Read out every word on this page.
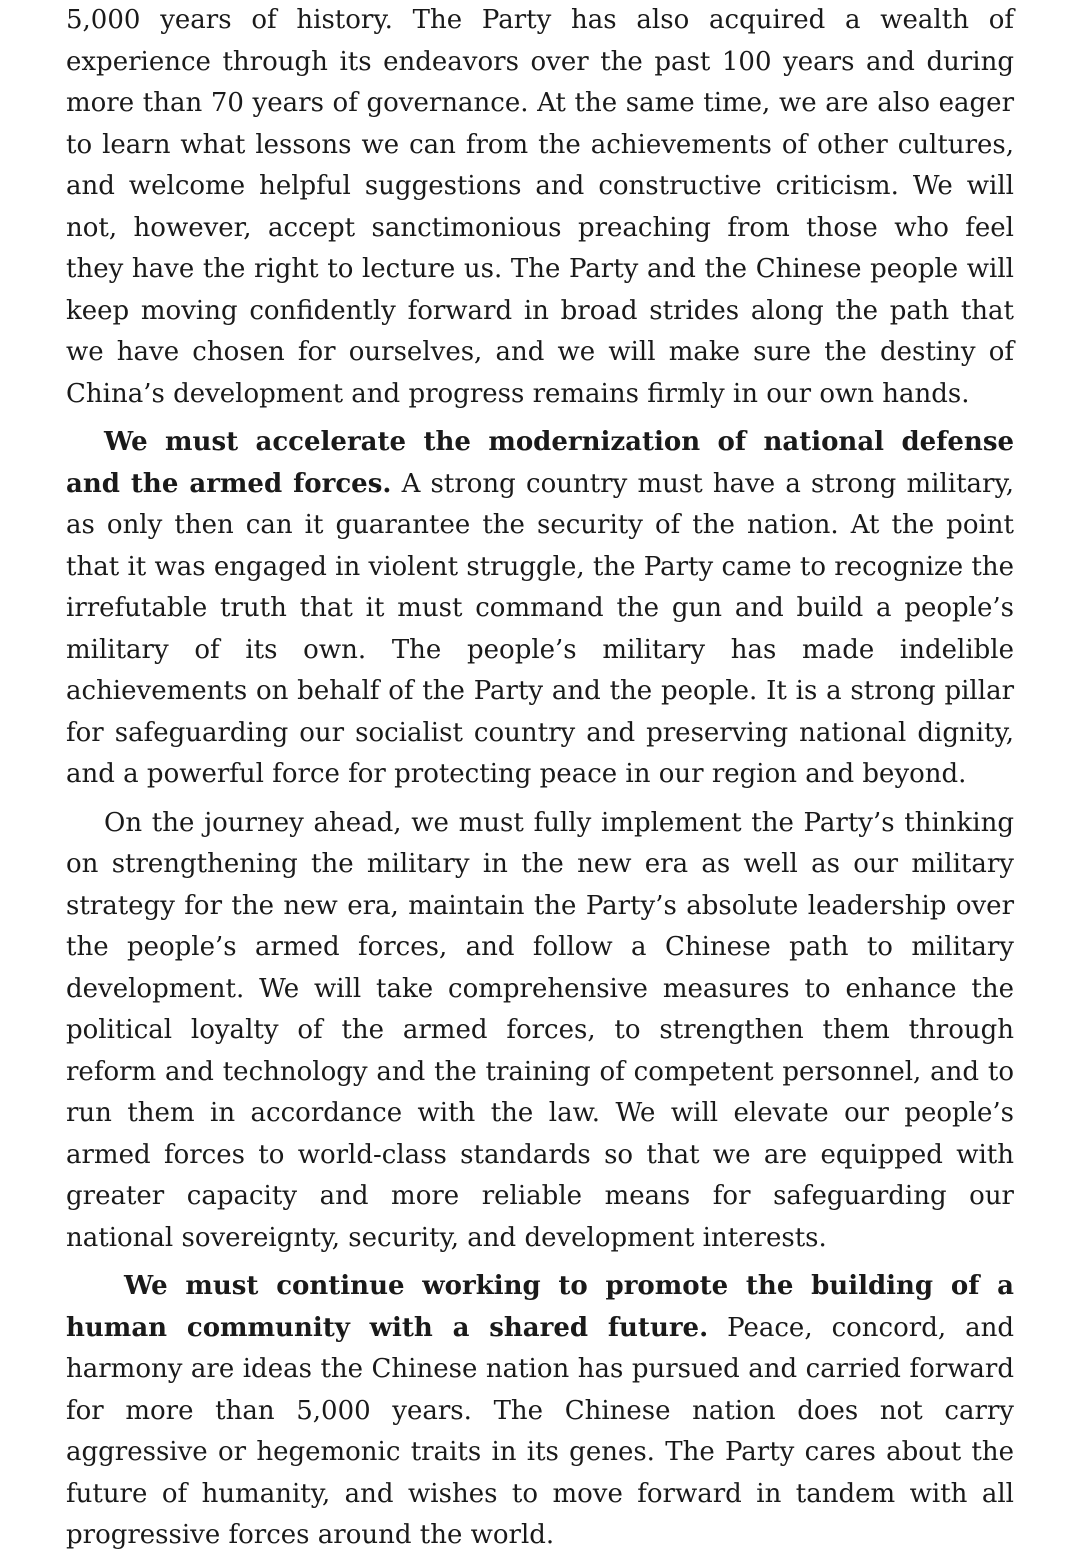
5,000 years of history. The Party has also acquired a wealth of experience through its endeavors over the past 100 years and during more than 70 years of governance. At the same time, we are also eager to learn what lessons we can from the achievements of other cultures, and welcome helpful suggestions and constructive criticism. We will not, however, accept sanctimonious preaching from those who feel they have the right to lecture us. The Party and the Chinese people will keep moving confidently forward in broad strides along the path that we have chosen for ourselves, and we will make sure the destiny of China’s development and progress remains firmly in our own hands.

We must accelerate the modernization of national defense and the armed forces. A strong country must have a strong military, as only then can it guarantee the security of the nation. At the point that it was engaged in violent struggle, the Party came to recognize the irrefutable truth that it must command the gun and build a people’s military of its own. The people’s military has made indelible achievements on behalf of the Party and the people. It is a strong pillar for safeguarding our socialist country and preserving national dignity, and a powerful force for protecting peace in our region and beyond.

On the journey ahead, we must fully implement the Party’s thinking on strengthening the military in the new era as well as our military strategy for the new era, maintain the Party’s absolute leadership over the people’s armed forces, and follow a Chinese path to military development. We will take comprehensive measures to enhance the political loyalty of the armed forces, to strengthen them through reform and technology and the training of competent personnel, and to run them in accordance with the law. We will elevate our people’s armed forces to world-class standards so that we are equipped with greater capacity and more reliable means for safeguarding our national sovereignty, security, and development interests.

We must continue working to promote the building of a human community with a shared future. Peace, concord, and harmony are ideas the Chinese nation has pursued and carried forward for more than 5,000 years. The Chinese nation does not carry aggressive or hegemonic traits in its genes. The Party cares about the future of humanity, and wishes to move forward in tandem with all progressive forces around the world.
